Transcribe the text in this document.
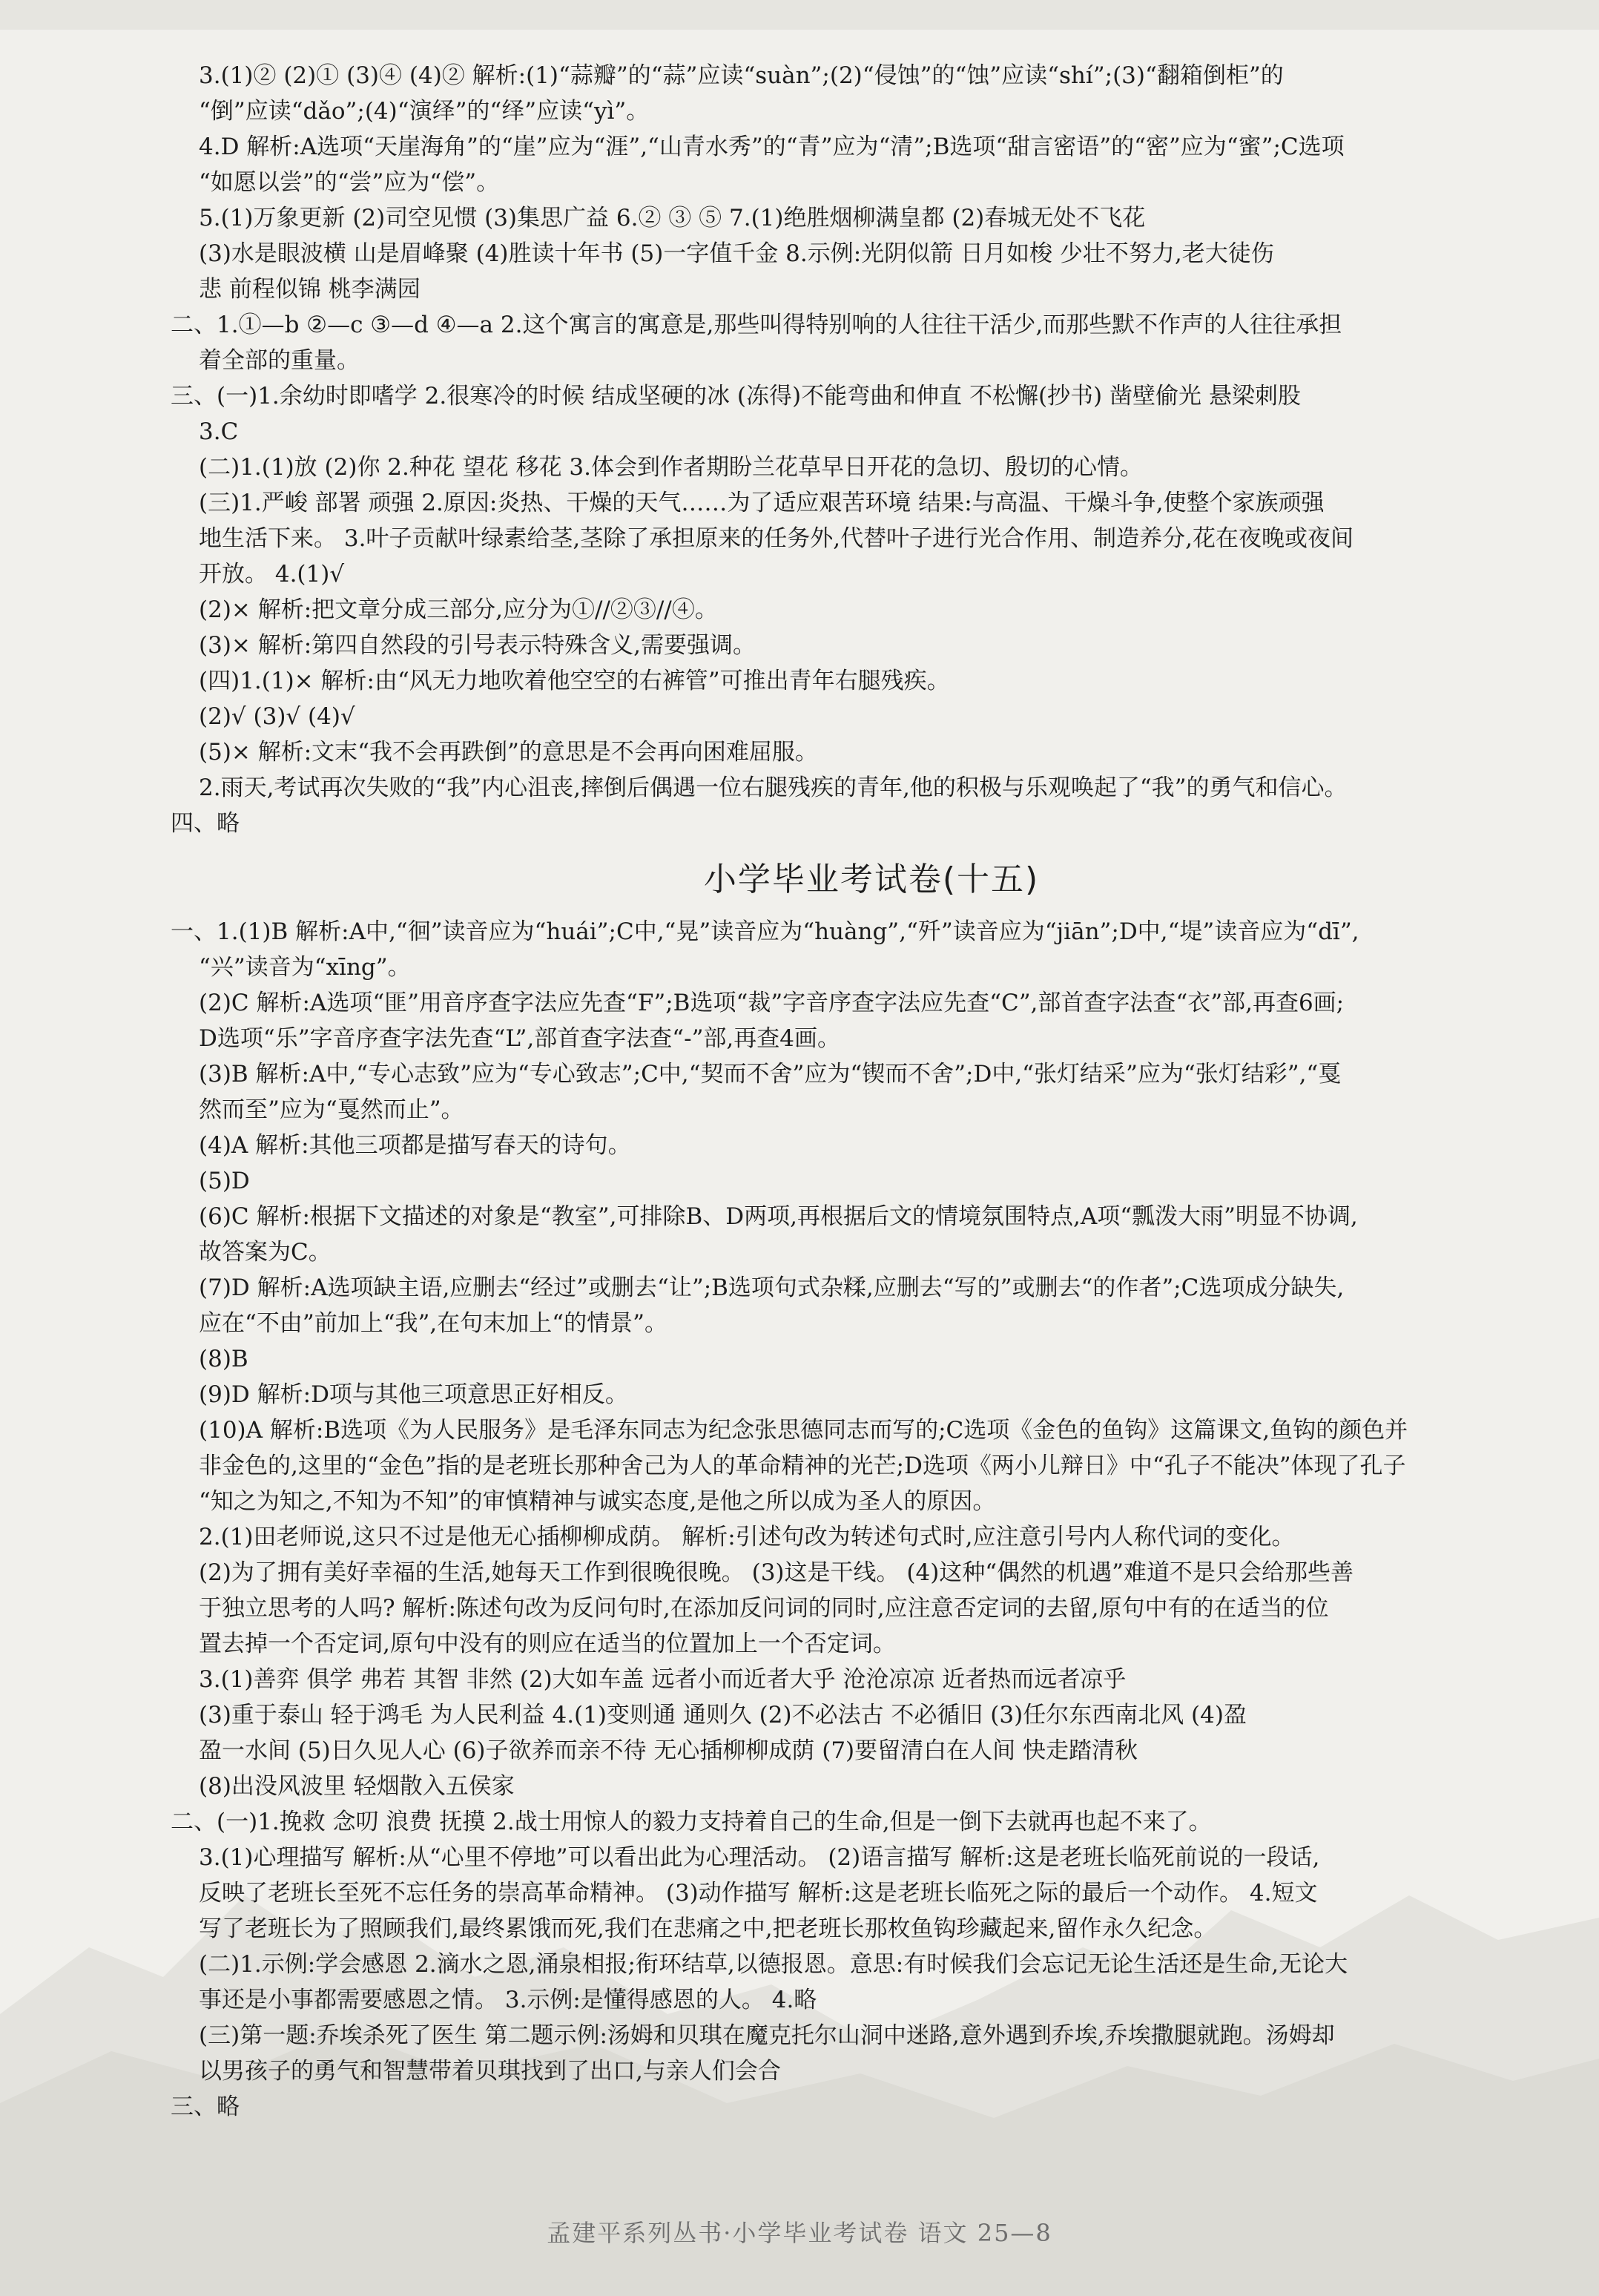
3.(1)② (2)① (3)④ (4)② 解析:(1)“蒜瓣”的“蒜”应读“suàn”;(2)“侵蚀”的“蚀”应读“shí”;(3)“翻箱倒柜”的

“倒”应读“dǎo”;(4)“演绎”的“绎”应读“yì”。

4.D 解析:A选项“天崖海角”的“崖”应为“涯”,“山青水秀”的“青”应为“清”;B选项“甜言密语”的“密”应为“蜜”;C选项

“如愿以尝”的“尝”应为“偿”。

5.(1)万象更新 (2)司空见惯 (3)集思广益 6.② ③ ⑤ 7.(1)绝胜烟柳满皇都 (2)春城无处不飞花

(3)水是眼波横 山是眉峰聚 (4)胜读十年书 (5)一字值千金 8.示例:光阴似箭 日月如梭 少壮不努力,老大徒伤

悲 前程似锦 桃李满园

二、1.①—b ②—c ③—d ④—a 2.这个寓言的寓意是,那些叫得特别响的人往往干活少,而那些默不作声的人往往承担

着全部的重量。

三、(一)1.余幼时即嗜学 2.很寒冷的时候 结成坚硬的冰 (冻得)不能弯曲和伸直 不松懈(抄书) 凿壁偷光 悬梁刺股

3.C

(二)1.(1)放 (2)你 2.种花 望花 移花 3.体会到作者期盼兰花草早日开花的急切、殷切的心情。

(三)1.严峻 部署 顽强 2.原因:炎热、干燥的天气……为了适应艰苦环境 结果:与高温、干燥斗争,使整个家族顽强

地生活下来。 3.叶子贡献叶绿素给茎,茎除了承担原来的任务外,代替叶子进行光合作用、制造养分,花在夜晚或夜间

开放。 4.(1)√

(2)× 解析:把文章分成三部分,应分为①//②③//④。

(3)× 解析:第四自然段的引号表示特殊含义,需要强调。

(四)1.(1)× 解析:由“风无力地吹着他空空的右裤管”可推出青年右腿残疾。

(2)√ (3)√ (4)√

(5)× 解析:文末“我不会再跌倒”的意思是不会再向困难屈服。

2.雨天,考试再次失败的“我”内心沮丧,摔倒后偶遇一位右腿残疾的青年,他的积极与乐观唤起了“我”的勇气和信心。

四、略

小学毕业考试卷(十五)

一、1.(1)B 解析:A中,“徊”读音应为“huái”;C中,“晃”读音应为“huàng”,“歼”读音应为“jiān”;D中,“堤”读音应为“dī”,

“兴”读音为“xīng”。

(2)C 解析:A选项“匪”用音序查字法应先查“F”;B选项“裁”字音序查字法应先查“C”,部首查字法查“衣”部,再查6画;

D选项“乐”字音序查字法先查“L”,部首查字法查“-”部,再查4画。

(3)B 解析:A中,“专心志致”应为“专心致志”;C中,“契而不舍”应为“锲而不舍”;D中,“张灯结采”应为“张灯结彩”,“戛

然而至”应为“戛然而止”。

(4)A 解析:其他三项都是描写春天的诗句。

(5)D

(6)C 解析:根据下文描述的对象是“教室”,可排除B、D两项,再根据后文的情境氛围特点,A项“瓢泼大雨”明显不协调,

故答案为C。

(7)D 解析:A选项缺主语,应删去“经过”或删去“让”;B选项句式杂糅,应删去“写的”或删去“的作者”;C选项成分缺失,

应在“不由”前加上“我”,在句末加上“的情景”。

(8)B

(9)D 解析:D项与其他三项意思正好相反。

(10)A 解析:B选项《为人民服务》是毛泽东同志为纪念张思德同志而写的;C选项《金色的鱼钩》这篇课文,鱼钩的颜色并

非金色的,这里的“金色”指的是老班长那种舍己为人的革命精神的光芒;D选项《两小儿辩日》中“孔子不能决”体现了孔子

“知之为知之,不知为不知”的审慎精神与诚实态度,是他之所以成为圣人的原因。

2.(1)田老师说,这只不过是他无心插柳柳成荫。 解析:引述句改为转述句式时,应注意引号内人称代词的变化。

(2)为了拥有美好幸福的生活,她每天工作到很晚很晚。 (3)这是干线。 (4)这种“偶然的机遇”难道不是只会给那些善

于独立思考的人吗? 解析:陈述句改为反问句时,在添加反问词的同时,应注意否定词的去留,原句中有的在适当的位

置去掉一个否定词,原句中没有的则应在适当的位置加上一个否定词。

3.(1)善弈 俱学 弗若 其智 非然 (2)大如车盖 远者小而近者大乎 沧沧凉凉 近者热而远者凉乎

(3)重于泰山 轻于鸿毛 为人民利益 4.(1)变则通 通则久 (2)不必法古 不必循旧 (3)任尔东西南北风 (4)盈

盈一水间 (5)日久见人心 (6)子欲养而亲不待 无心插柳柳成荫 (7)要留清白在人间 快走踏清秋

(8)出没风波里 轻烟散入五侯家

二、(一)1.挽救 念叨 浪费 抚摸 2.战士用惊人的毅力支持着自己的生命,但是一倒下去就再也起不来了。

3.(1)心理描写 解析:从“心里不停地”可以看出此为心理活动。 (2)语言描写 解析:这是老班长临死前说的一段话,

反映了老班长至死不忘任务的崇高革命精神。 (3)动作描写 解析:这是老班长临死之际的最后一个动作。 4.短文

写了老班长为了照顾我们,最终累饿而死,我们在悲痛之中,把老班长那枚鱼钩珍藏起来,留作永久纪念。

(二)1.示例:学会感恩 2.滴水之恩,涌泉相报;衔环结草,以德报恩。意思:有时候我们会忘记无论生活还是生命,无论大

事还是小事都需要感恩之情。 3.示例:是懂得感恩的人。 4.略

(三)第一题:乔埃杀死了医生 第二题示例:汤姆和贝琪在魔克托尔山洞中迷路,意外遇到乔埃,乔埃撒腿就跑。汤姆却

以男孩子的勇气和智慧带着贝琪找到了出口,与亲人们会合

三、略

孟建平系列丛书·小学毕业考试卷 语文 25—8
